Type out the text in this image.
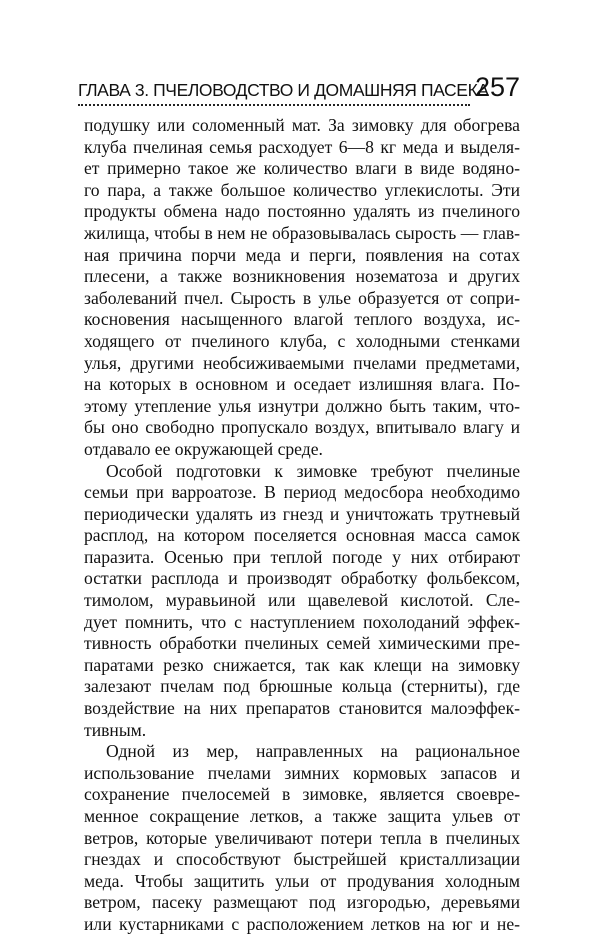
ГЛАВА 3. ПЧЕЛОВОДСТВО И ДОМАШНЯЯ ПАСЕКА
257
подушку или соломенный мат. За зимовку для обогрева
клуба пчелиная семья расходует 6—8 кг меда и выделя-
ет примерно такое же количество влаги в виде водяно-
го пара, а также большое количество углекислоты. Эти
продукты обмена надо постоянно удалять из пчелиного
жилища, чтобы в нем не образовывалась сырость — глав-
ная причина порчи меда и перги, появления на сотах
плесени, а также возникновения нозематоза и других
заболеваний пчел. Сырость в улье образуется от сопри-
косновения насыщенного влагой теплого воздуха, ис-
ходящего от пчелиного клуба, с холодными стенками
улья, другими необсиживаемыми пчелами предметами,
на которых в основном и оседает излишняя влага. По-
этому утепление улья изнутри должно быть таким, что-
бы оно свободно пропускало воздух, впитывало влагу и
отдавало ее окружающей среде.
Особой подготовки к зимовке требуют пчелиные
семьи при варроатозе. В период медосбора необходимо
периодически удалять из гнезд и уничтожать трутневый
расплод, на котором поселяется основная масса самок
паразита. Осенью при теплой погоде у них отбирают
остатки расплода и производят обработку фольбексом,
тимолом, муравьиной или щавелевой кислотой. Сле-
дует помнить, что с наступлением похолоданий эффек-
тивность обработки пчелиных семей химическими пре-
паратами резко снижается, так как клещи на зимовку
залезают пчелам под брюшные кольца (стерниты), где
воздействие на них препаратов становится малоэффек-
тивным.
Одной из мер, направленных на рациональное
использование пчелами зимних кормовых запасов и
сохранение пчелосемей в зимовке, является своевре-
менное сокращение летков, а также защита ульев от
ветров, которые увеличивают потери тепла в пчелиных
гнездах и способствуют быстрейшей кристаллизации
меда. Чтобы защитить ульи от продувания холодным
ветром, пасеку размещают под изгородью, деревьями
или кустарниками с расположением летков на юг и не-
